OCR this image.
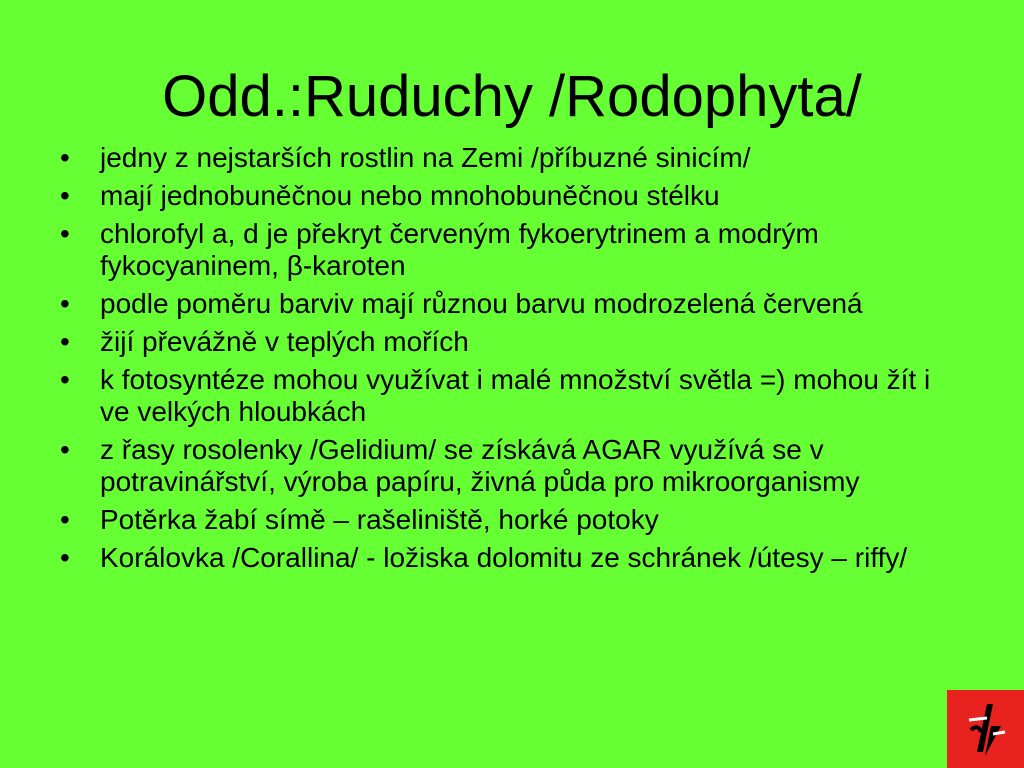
Odd.:Ruduchy /Rodophyta/
•	jedny z nejstarších rostlin na Zemi /příbuzné sinicím/
•	mají jednobuněčnou nebo mnohobuněčnou stélku
•	chlorofyl a, d je překryt červeným fykoerytrinem a modrým fykocyaninem, β-karoten
•	podle poměru barviv mají různou barvu modrozelená červená
•	žijí převážně v teplých mořích
•	k fotosyntéze mohou využívat i malé množství světla =) mohou žít i ve velkých hloubkách
•	z řasy rosolenky /Gelidium/ se získává AGAR využívá se v potravinářství, výroba papíru, živná půda pro mikroorganismy
•	Potěrka žabí símě – rašeliniště, horké potoky
•	Korálovka /Corallina/ - ložiska dolomitu ze schránek /útesy – riffy/
